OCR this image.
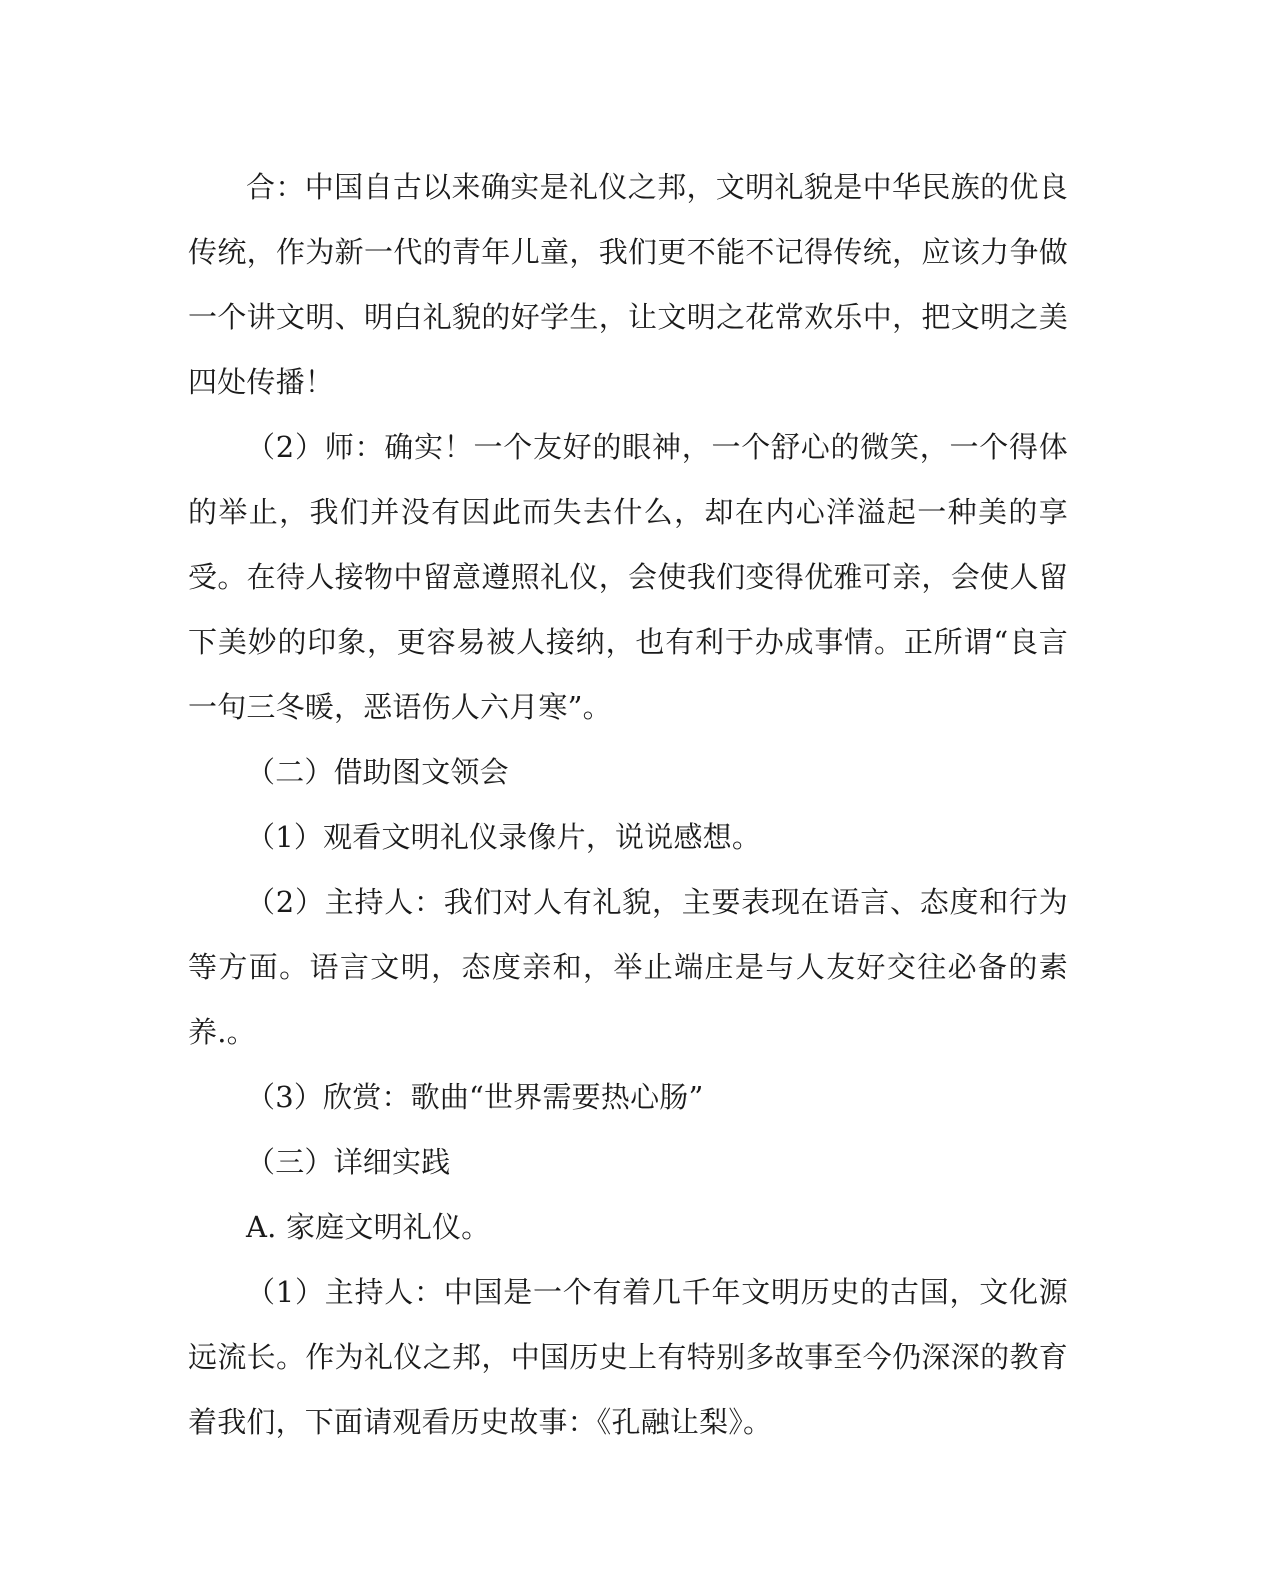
合：中国自古以来确实是礼仪之邦，文明礼貌是中华民族的优良传统，作为新一代的青年儿童，我们更不能不记得传统，应该力争做一个讲文明、明白礼貌的好学生，让文明之花常欢乐中，把文明之美四处传播！

（2）师：确实！一个友好的眼神，一个舒心的微笑，一个得体的举止，我们并没有因此而失去什么，却在内心洋溢起一种美的享受。在待人接物中留意遵照礼仪，会使我们变得优雅可亲，会使人留下美妙的印象，更容易被人接纳，也有利于办成事情。正所谓“良言一句三冬暖，恶语伤人六月寒”。

（二）借助图文领会

（1）观看文明礼仪录像片，说说感想。

（2）主持人：我们对人有礼貌，主要表现在语言、态度和行为等方面。语言文明，态度亲和，举止端庄是与人友好交往必备的素养.。

（3）欣赏：歌曲“世界需要热心肠”

（三）详细实践

A. 家庭文明礼仪。

（1）主持人：中国是一个有着几千年文明历史的古国，文化源远流长。作为礼仪之邦，中国历史上有特别多故事至今仍深深的教育着我们，下面请观看历史故事：《孔融让梨》。
